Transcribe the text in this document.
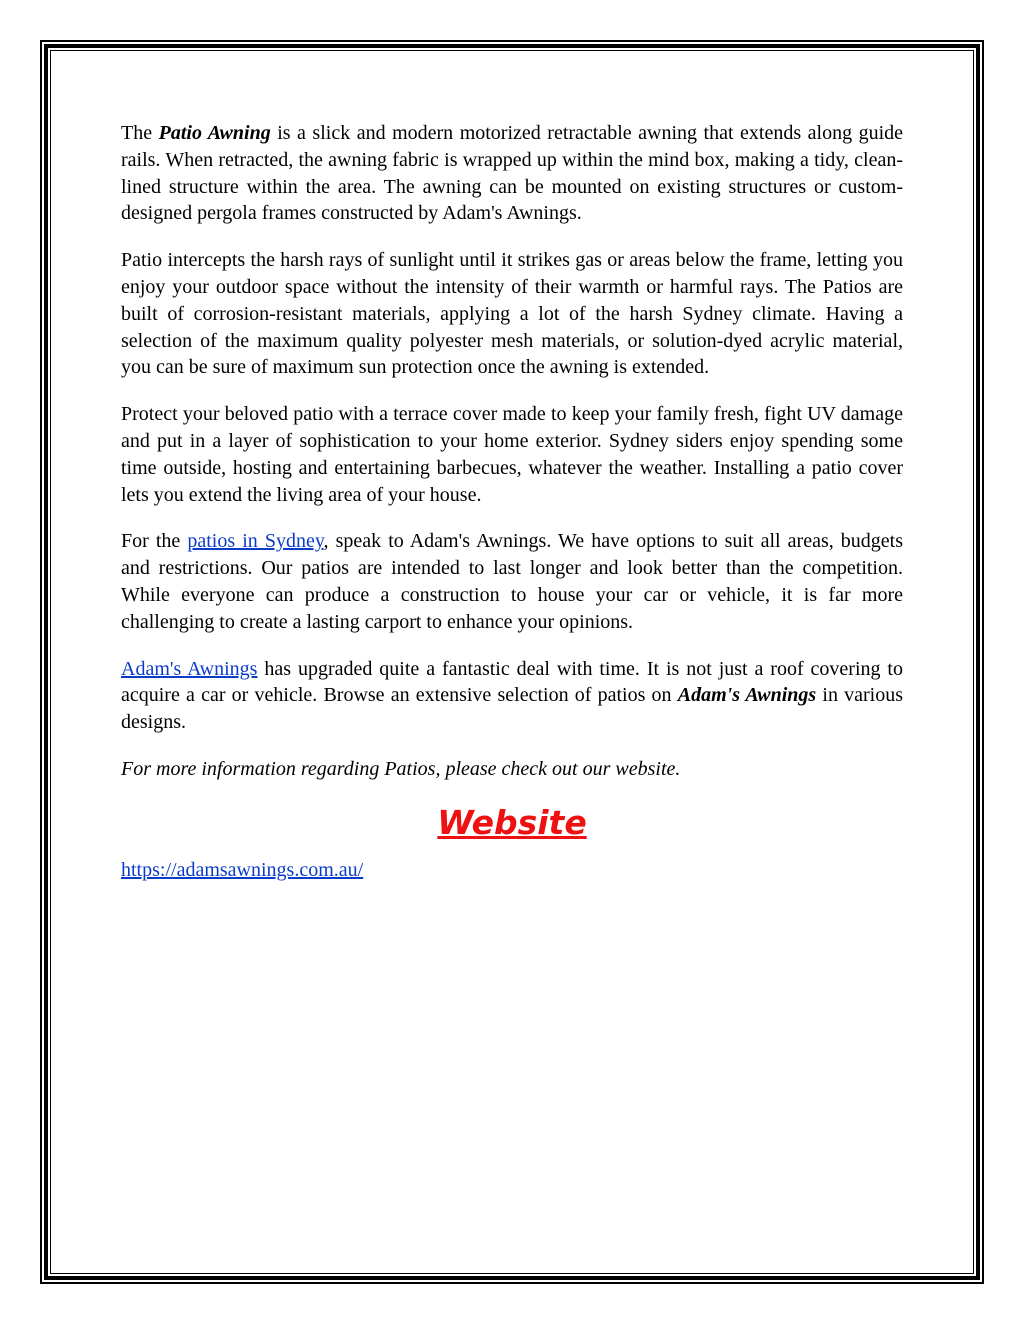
The Patio Awning is a slick and modern motorized retractable awning that extends along guide rails. When retracted, the awning fabric is wrapped up within the mind box, making a tidy, clean-lined structure within the area. The awning can be mounted on existing structures or custom-designed pergola frames constructed by Adam's Awnings.

Patio intercepts the harsh rays of sunlight until it strikes gas or areas below the frame, letting you enjoy your outdoor space without the intensity of their warmth or harmful rays. The Patios are built of corrosion-resistant materials, applying a lot of the harsh Sydney climate. Having a selection of the maximum quality polyester mesh materials, or solution-dyed acrylic material, you can be sure of maximum sun protection once the awning is extended.

Protect your beloved patio with a terrace cover made to keep your family fresh, fight UV damage and put in a layer of sophistication to your home exterior. Sydney siders enjoy spending some time outside, hosting and entertaining barbecues, whatever the weather. Installing a patio cover lets you extend the living area of your house.

For the patios in Sydney, speak to Adam's Awnings. We have options to suit all areas, budgets and restrictions. Our patios are intended to last longer and look better than the competition. While everyone can produce a construction to house your car or vehicle, it is far more challenging to create a lasting carport to enhance your opinions.

Adam's Awnings has upgraded quite a fantastic deal with time. It is not just a roof covering to acquire a car or vehicle. Browse an extensive selection of patios on Adam's Awnings in various designs.

For more information regarding Patios, please check out our website.

Website

https://adamsawnings.com.au/
